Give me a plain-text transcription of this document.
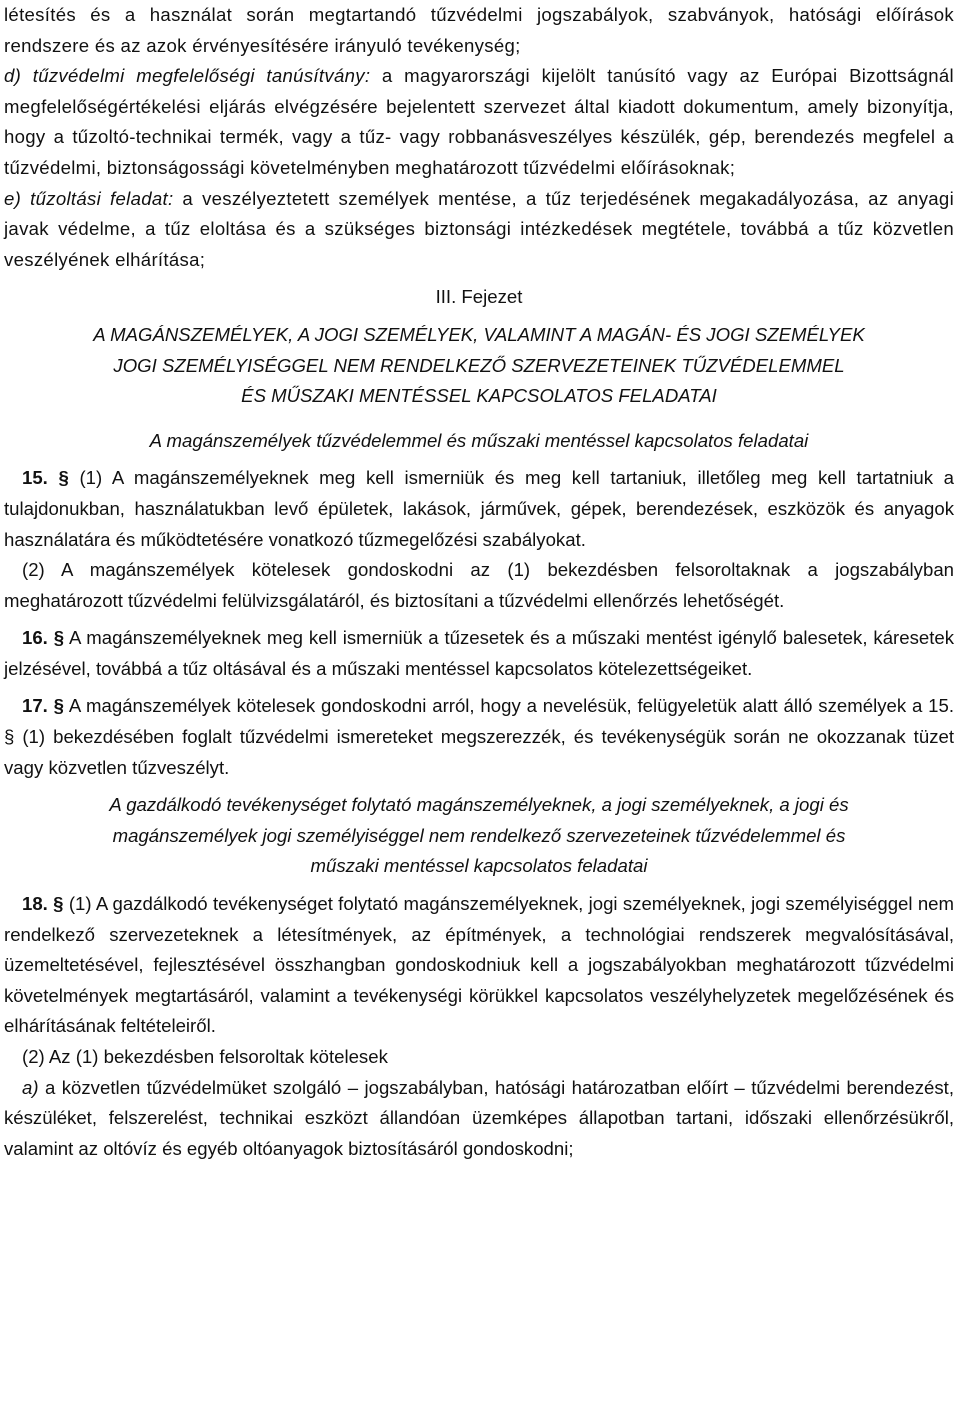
létesítés és a használat során megtartandó tűzvédelmi jogszabályok, szabványok, hatósági előírások rendszere és az azok érvényesítésére irányuló tevékenység;

d) tűzvédelmi megfelelőségi tanúsítvány: a magyarországi kijelölt tanúsító vagy az Európai Bizottságnál megfelelőségértékelési eljárás elvégzésére bejelentett szervezet által kiadott dokumentum, amely bizonyítja, hogy a tűzoltó-technikai termék, vagy a tűz- vagy robbanásveszélyes készülék, gép, berendezés megfelel a tűzvédelmi, biztonságossági követelményben meghatározott tűzvédelmi előírásoknak;

e) tűzoltási feladat: a veszélyeztetett személyek mentése, a tűz terjedésének megakadályozása, az anyagi javak védelme, a tűz eloltása és a szükséges biztonsági intézkedések megtétele, továbbá a tűz közvetlen veszélyének elhárítása;

III. Fejezet
A MAGÁNSZEMÉLYEK, A JOGI SZEMÉLYEK, VALAMINT A MAGÁN- ÉS JOGI SZEMÉLYEK
JOGI SZEMÉLYISÉGGEL NEM RENDELKEZŐ SZERVEZETEINEK TŰZVÉDELEMMEL
ÉS MŰSZAKI MENTÉSSEL KAPCSOLATOS FELADATAI
A magánszemélyek tűzvédelemmel és műszaki mentéssel kapcsolatos feladatai

15. § (1) A magánszemélyeknek meg kell ismerniük és meg kell tartaniuk, illetőleg meg kell tartatniuk a tulajdonukban, használatukban levő épületek, lakások, járművek, gépek, berendezések, eszközök és anyagok használatára és működtetésére vonatkozó tűzmegelőzési szabályokat.

(2) A magánszemélyek kötelesek gondoskodni az (1) bekezdésben felsoroltaknak a jogszabályban meghatározott tűzvédelmi felülvizsgálatáról, és biztosítani a tűzvédelmi ellenőrzés lehetőségét.

16. § A magánszemélyeknek meg kell ismerniük a tűzesetek és a műszaki mentést igénylő balesetek, káresetek jelzésével, továbbá a tűz oltásával és a műszaki mentéssel kapcsolatos kötelezettségeiket.

17. § A magánszemélyek kötelesek gondoskodni arról, hogy a nevelésük, felügyeletük alatt álló személyek a 15. § (1) bekezdésében foglalt tűzvédelmi ismereteket megszerezzék, és tevékenységük során ne okozzanak tüzet vagy közvetlen tűzveszélyt.

A gazdálkodó tevékenységet folytató magánszemélyeknek, a jogi személyeknek, a jogi és
magánszemélyek jogi személyiséggel nem rendelkező szervezeteinek tűzvédelemmel és
műszaki mentéssel kapcsolatos feladatai

18. § (1) A gazdálkodó tevékenységet folytató magánszemélyeknek, jogi személyeknek, jogi személyiséggel nem rendelkező szervezeteknek a létesítmények, az építmények, a technológiai rendszerek megvalósításával, üzemeltetésével, fejlesztésével összhangban gondoskodniuk kell a jogszabályokban meghatározott tűzvédelmi követelmények megtartásáról, valamint a tevékenységi körükkel kapcsolatos veszélyhelyzetek megelőzésének és elhárításának feltételeiről.

(2) Az (1) bekezdésben felsoroltak kötelesek

a) a közvetlen tűzvédelmüket szolgáló – jogszabályban, hatósági határozatban előírt – tűzvédelmi berendezést, készüléket, felszerelést, technikai eszközt állandóan üzemképes állapotban tartani, időszaki ellenőrzésükről, valamint az oltóvíz és egyéb oltóanyagok biztosításáról gondoskodni;
